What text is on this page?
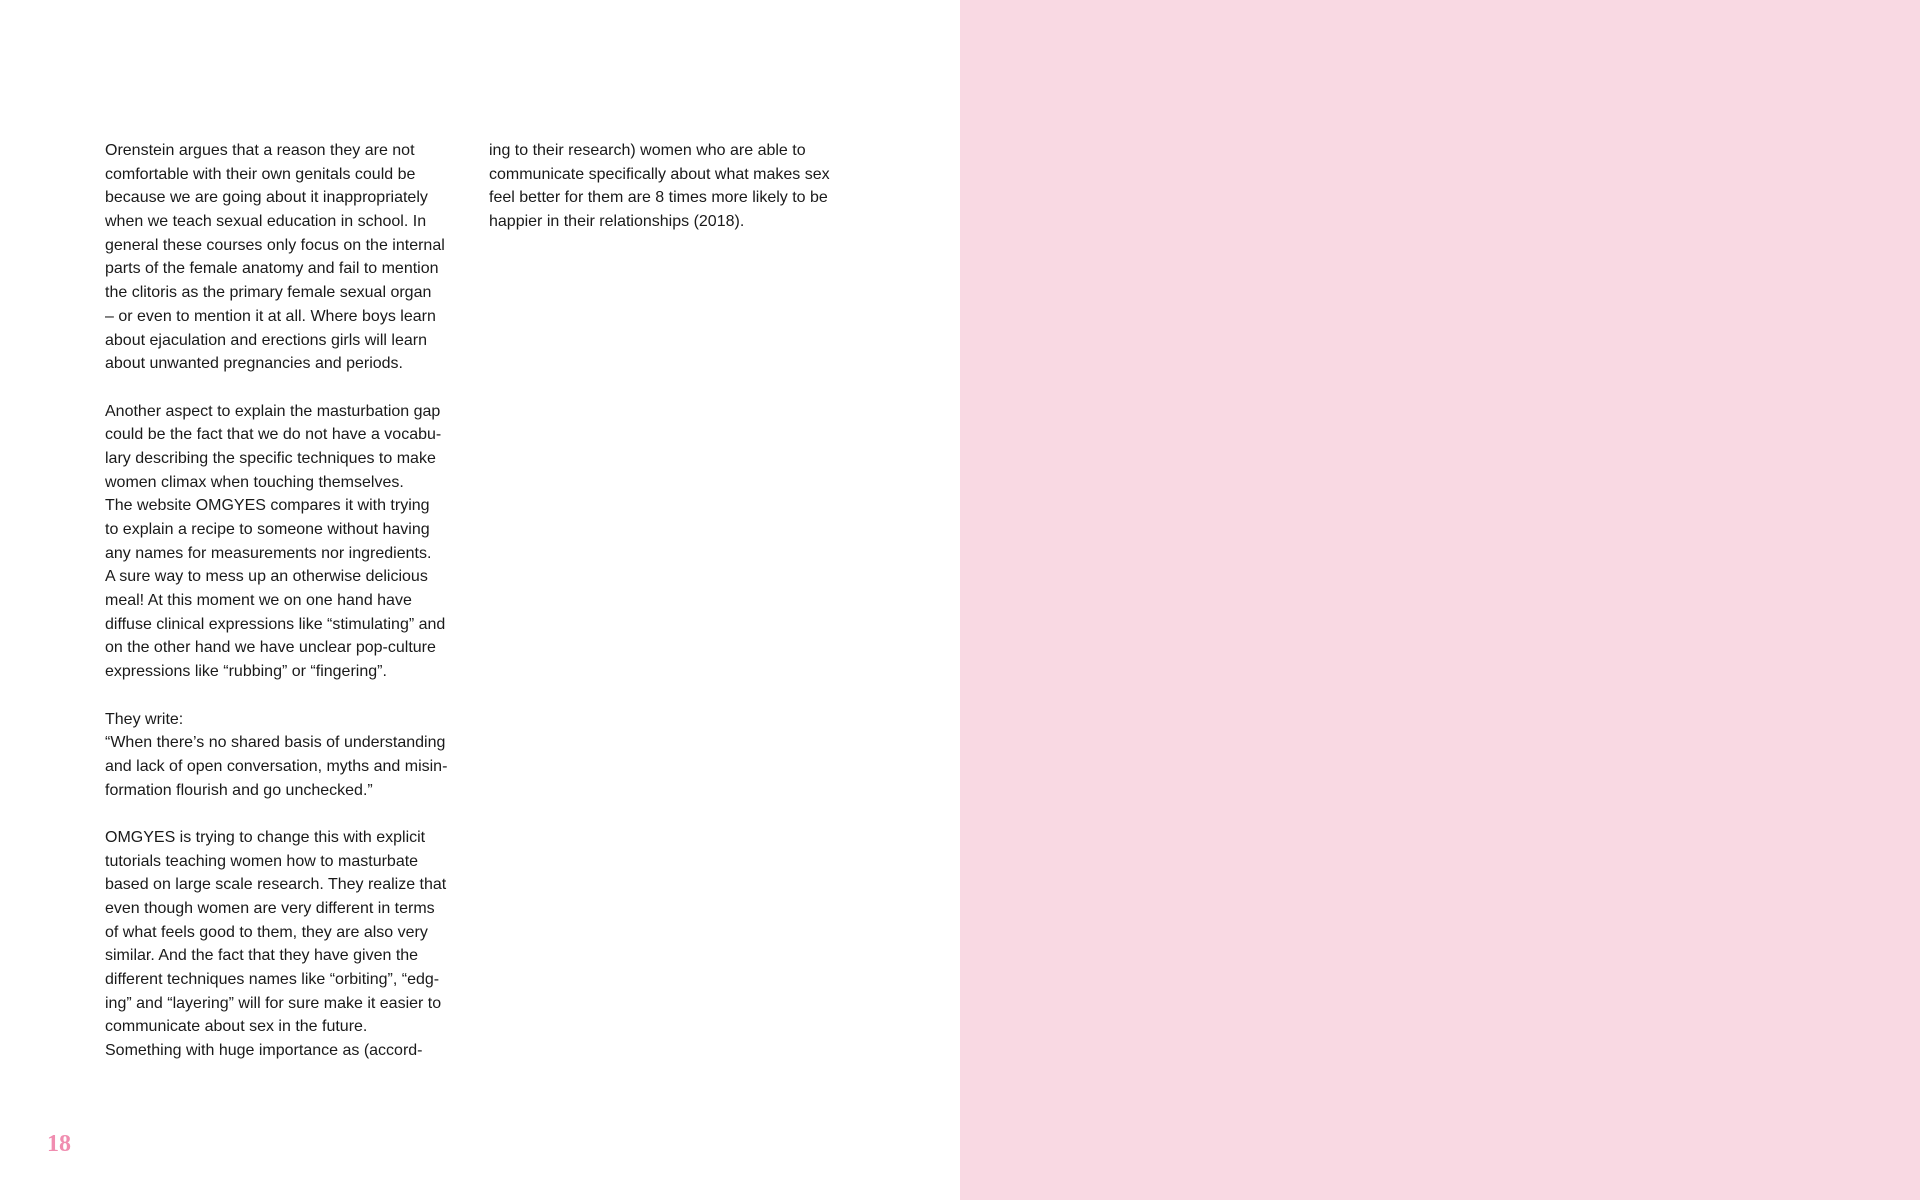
Orenstein argues that a reason they are not
comfortable with their own genitals could be
because we are going about it inappropriately
when we teach sexual education in school. In
general these courses only focus on the internal
parts of the female anatomy and fail to mention
the clitoris as the primary female sexual organ
– or even to mention it at all. Where boys learn
about ejaculation and erections girls will learn
about unwanted pregnancies and periods.
Another aspect to explain the masturbation gap
could be the fact that we do not have a vocabu-
lary describing the specific techniques to make
women climax when touching themselves.
The website OMGYES compares it with trying
to explain a recipe to someone without having
any names for measurements nor ingredients.
A sure way to mess up an otherwise delicious
meal! At this moment we on one hand have
diffuse clinical expressions like “stimulating” and
on the other hand we have unclear pop-culture
expressions like “rubbing” or “fingering”.
They write:
“When there’s no shared basis of understanding
and lack of open conversation, myths and misin-
formation flourish and go unchecked.”
OMGYES is trying to change this with explicit
tutorials teaching women how to masturbate
based on large scale research. They realize that
even though women are very different in terms
of what feels good to them, they are also very
similar. And the fact that they have given the
different techniques names like “orbiting”, “edg-
ing” and “layering” will for sure make it easier to
communicate about sex in the future.
Something with huge importance as (accord-
ing to their research) women who are able to
communicate specifically about what makes sex
feel better for them are 8 times more likely to be
happier in their relationships (2018).
18
